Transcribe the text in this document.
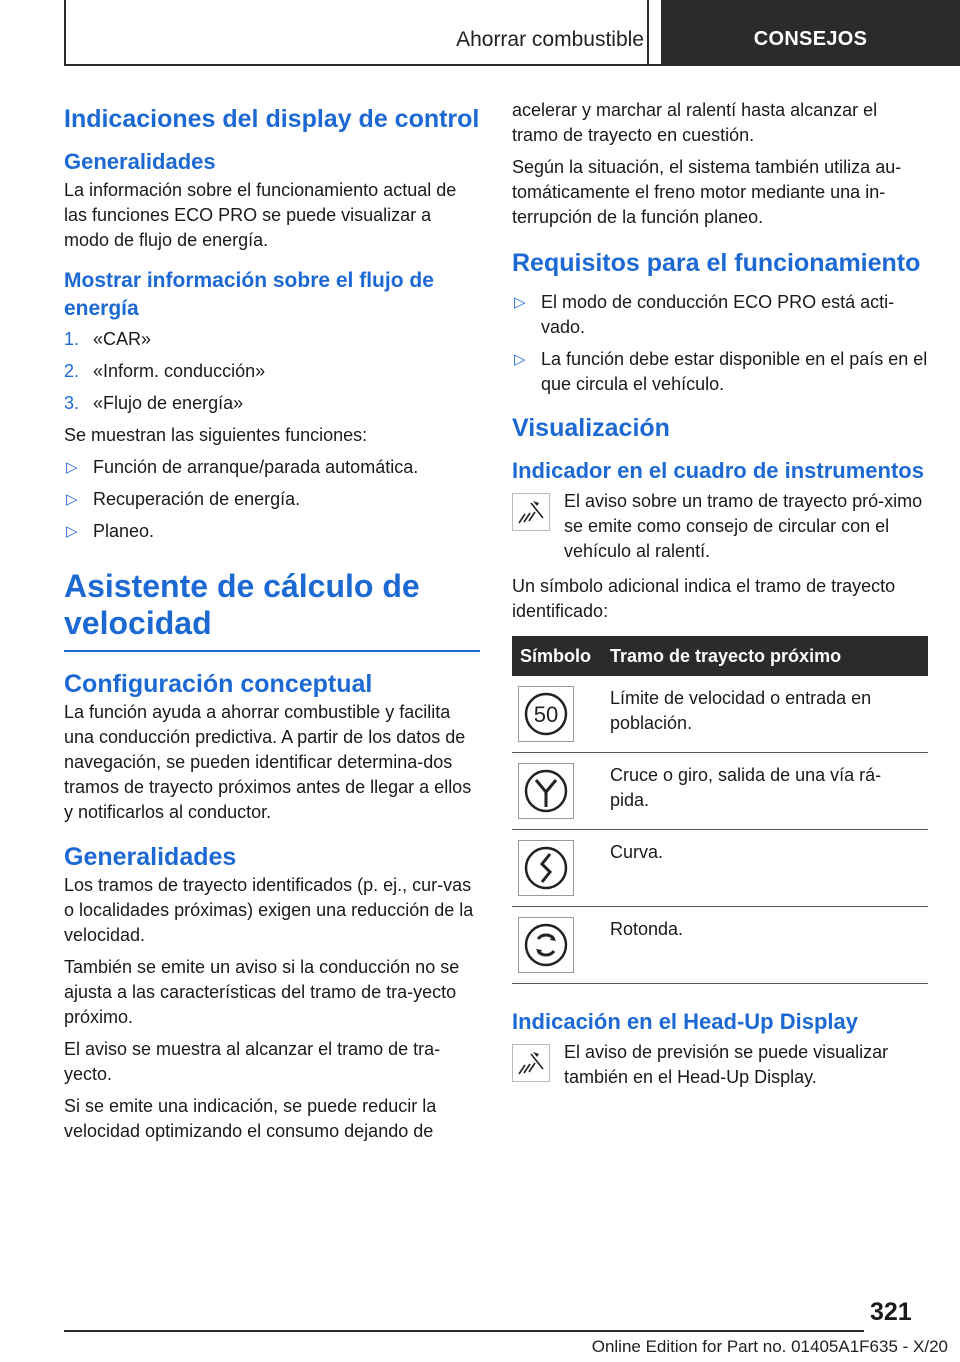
Ahorrar combustible	CONSEJOS
Indicaciones del display de control
Generalidades

La información sobre el funcionamiento actual de las funciones ECO PRO se puede visualizar a modo de flujo de energía.

Mostrar información sobre el flujo de energía
1. «CAR»
2. «Inform. conducción»
3. «Flujo de energía»

Se muestran las siguientes funciones:

▷ Función de arranque/parada automática.
▷ Recuperación de energía.
▷ Planeo.
Asistente de cálculo de velocidad
Configuración conceptual

La función ayuda a ahorrar combustible y facilita una conducción predictiva. A partir de los datos de navegación, se pueden identificar determina‐dos tramos de trayecto próximos antes de llegar a ellos y notificarlos al conductor.

Generalidades

Los tramos de trayecto identificados (p. ej., cur‐vas o localidades próximas) exigen una reducción de la velocidad.

También se emite un aviso si la conducción no se ajusta a las características del tramo de tra‐yecto próximo.

El aviso se muestra al alcanzar el tramo de tra‐yecto.

Si se emite una indicación, se puede reducir la velocidad optimizando el consumo dejando de

acelerar y marchar al ralentí hasta alcanzar el tramo de trayecto en cuestión.

Según la situación, el sistema también utiliza au‐tomáticamente el freno motor mediante una in‐terrupción de la función planeo.

Requisitos para el funcionamiento
▷ El modo de conducción ECO PRO está acti‐vado.
▷ La función debe estar disponible en el país en el que circula el vehículo.
Visualización
Indicador en el cuadro de instrumentos

El aviso sobre un tramo de trayecto pró‐ximo se emite como consejo de circular con el vehículo al ralentí.

Un símbolo adicional indica el tramo de trayecto identificado:

Símbolo	Tramo de trayecto próximo

50	Límite de velocidad o entrada en población.

	Cruce o giro, salida de una vía rá‐pida.

	Curva.

	Rotonda.
Indicación en el Head-Up Display

El aviso de previsión se puede visualizar también en el Head-Up Display.

321
Online Edition for Part no. 01405A1F635 - X/20
